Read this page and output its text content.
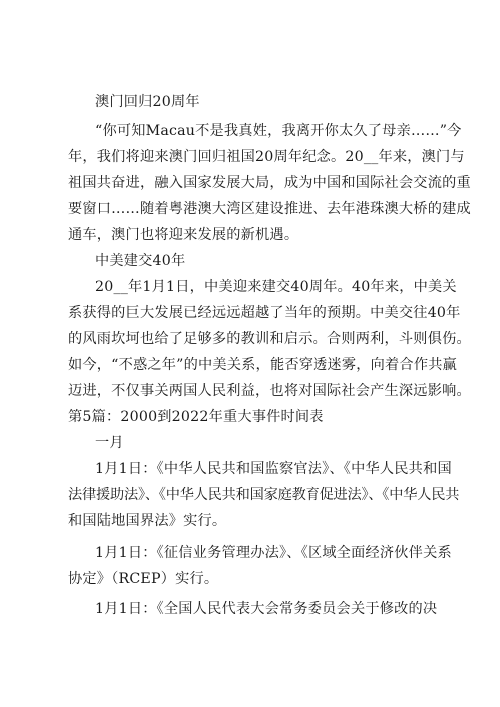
澳门回归20周年
“你可知Macau不是我真姓，我离开你太久了母亲……”今
年，我们将迎来澳门回归祖国20周年纪念。20__年来，澳门与
祖国共奋进，融入国家发展大局，成为中国和国际社会交流的重
要窗口……随着粤港澳大湾区建设推进、去年港珠澳大桥的建成
通车，澳门也将迎来发展的新机遇。
中美建交40年
20__年1月1日，中美迎来建交40周年。40年来，中美关
系获得的巨大发展已经远远超越了当年的预期。中美交往40年
的风雨坎坷也给了足够多的教训和启示。合则两利，斗则俱伤。
如今，“不惑之年”的中美关系，能否穿透迷雾，向着合作共赢
迈进，不仅事关两国人民利益，也将对国际社会产生深远影响。
第5篇：2000到2022年重大事件时间表
一月
1月1日：《中华人民共和国监察官法》、《中华人民共和国
法律援助法》、《中华人民共和国家庭教育促进法》、《中华人民共
和国陆地国界法》实行。
1月1日：《征信业务管理办法》、《区域全面经济伙伴关系
协定》（RCEP）实行。
1月1日：《全国人民代表大会常务委员会关于修改的决
